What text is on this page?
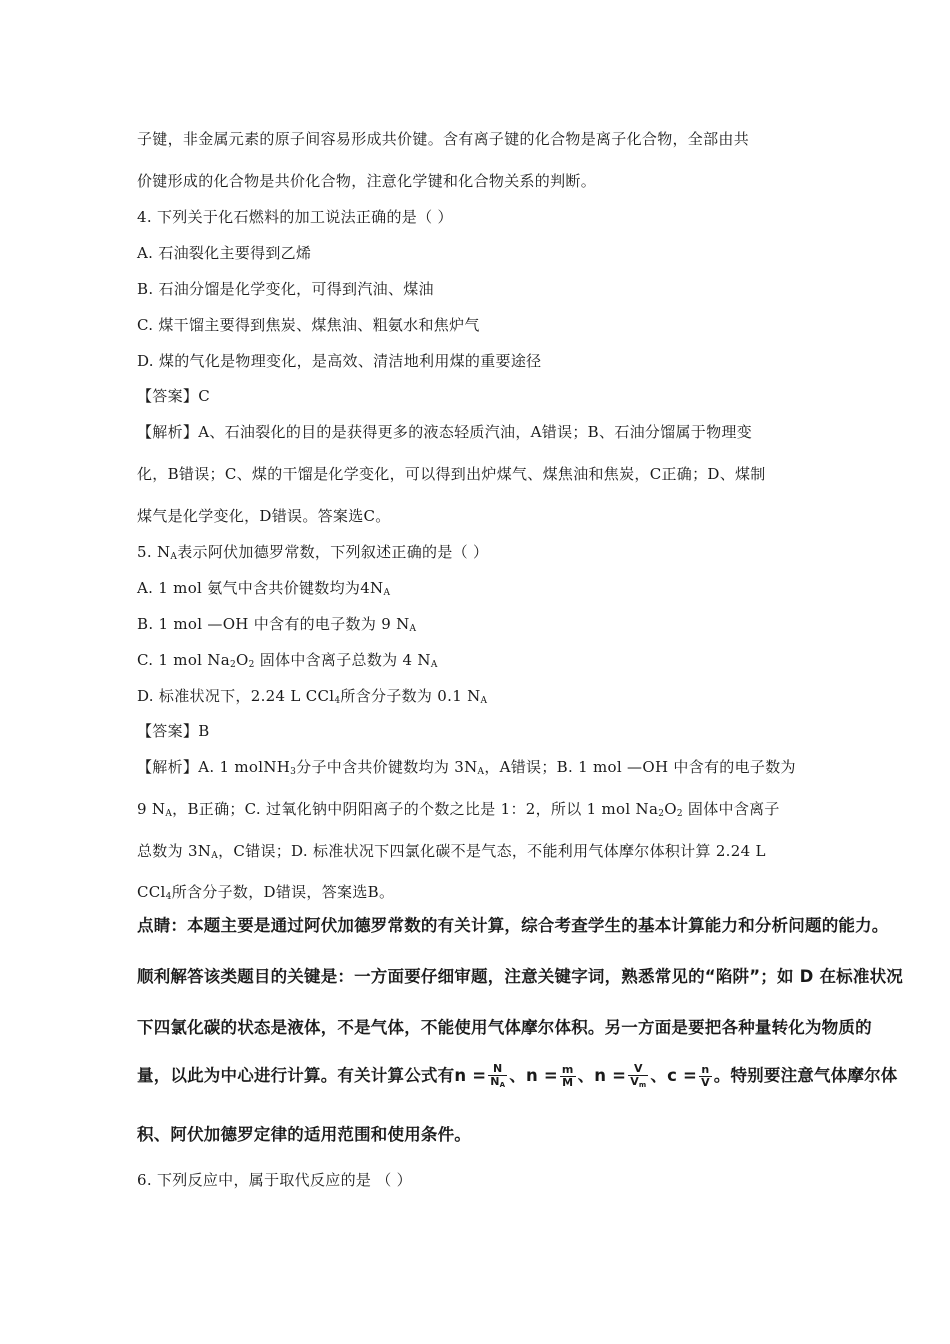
子键，非金属元素的原子间容易形成共价键。含有离子键的化合物是离子化合物，全部由共
价键形成的化合物是共价化合物，注意化学键和化合物关系的判断。
4. 下列关于化石燃料的加工说法正确的是（ ）
A. 石油裂化主要得到乙烯
B. 石油分馏是化学变化，可得到汽油、煤油
C. 煤干馏主要得到焦炭、煤焦油、粗氨水和焦炉气
D. 煤的气化是物理变化，是高效、清洁地利用煤的重要途径
【答案】C
【解析】A、石油裂化的目的是获得更多的液态轻质汽油，A错误；B、石油分馏属于物理变
化，B错误；C、煤的干馏是化学变化，可以得到出炉煤气、煤焦油和焦炭，C正确；D、煤制
煤气是化学变化，D错误。答案选C。
5. $N_A$表示阿伏加德罗常数，下列叙述正确的是（ ）
A. 1 mol 氨气中含共价键数均为$4N_A$
B. 1 mol —OH 中含有的电子数为 9 $N_A$
C. 1 mol $Na_2O_2$ 固体中含离子总数为 4 $N_A$
D. 标准状况下，2.24 L CCl$_4$所含分子数为 0.1 $N_A$
【答案】B
【解析】A. 1 molNH$_3$分子中含共价键数均为 $3N_A$，A错误；B. 1 mol —OH 中含有的电子数为
9 $N_A$，B正确；C. 过氧化钠中阴阳离子的个数之比是 1：2，所以 1 mol $Na_2O_2$ 固体中含离子
总数为 $3N_A$，C错误；D. 标准状况下四氯化碳不是气态，不能利用气体摩尔体积计算 2.24 L
CCl$_4$所含分子数，D错误，答案选B。
点睛：本题主要是通过阿伏加德罗常数的有关计算，综合考查学生的基本计算能力和分析问题的能力。
顺利解答该类题目的关键是：一方面要仔细审题，注意关键字词，熟悉常见的“陷阱”；如 D 在标准状况
下四氯化碳的状态是液体，不是气体，不能使用气体摩尔体积。另一方面是要把各种量转化为物质的
量，以此为中心进行计算。有关计算公式有$n = \frac{N}{N_A}$ 、$n = \frac{m}{M}$ 、$n = \frac{V}{V_m}$ 、$c = \frac{n}{V}$ 。特别要注意气体摩尔体
积、阿伏加德罗定律的适用范围和使用条件。
6. 下列反应中，属于取代反应的是 （ ）
